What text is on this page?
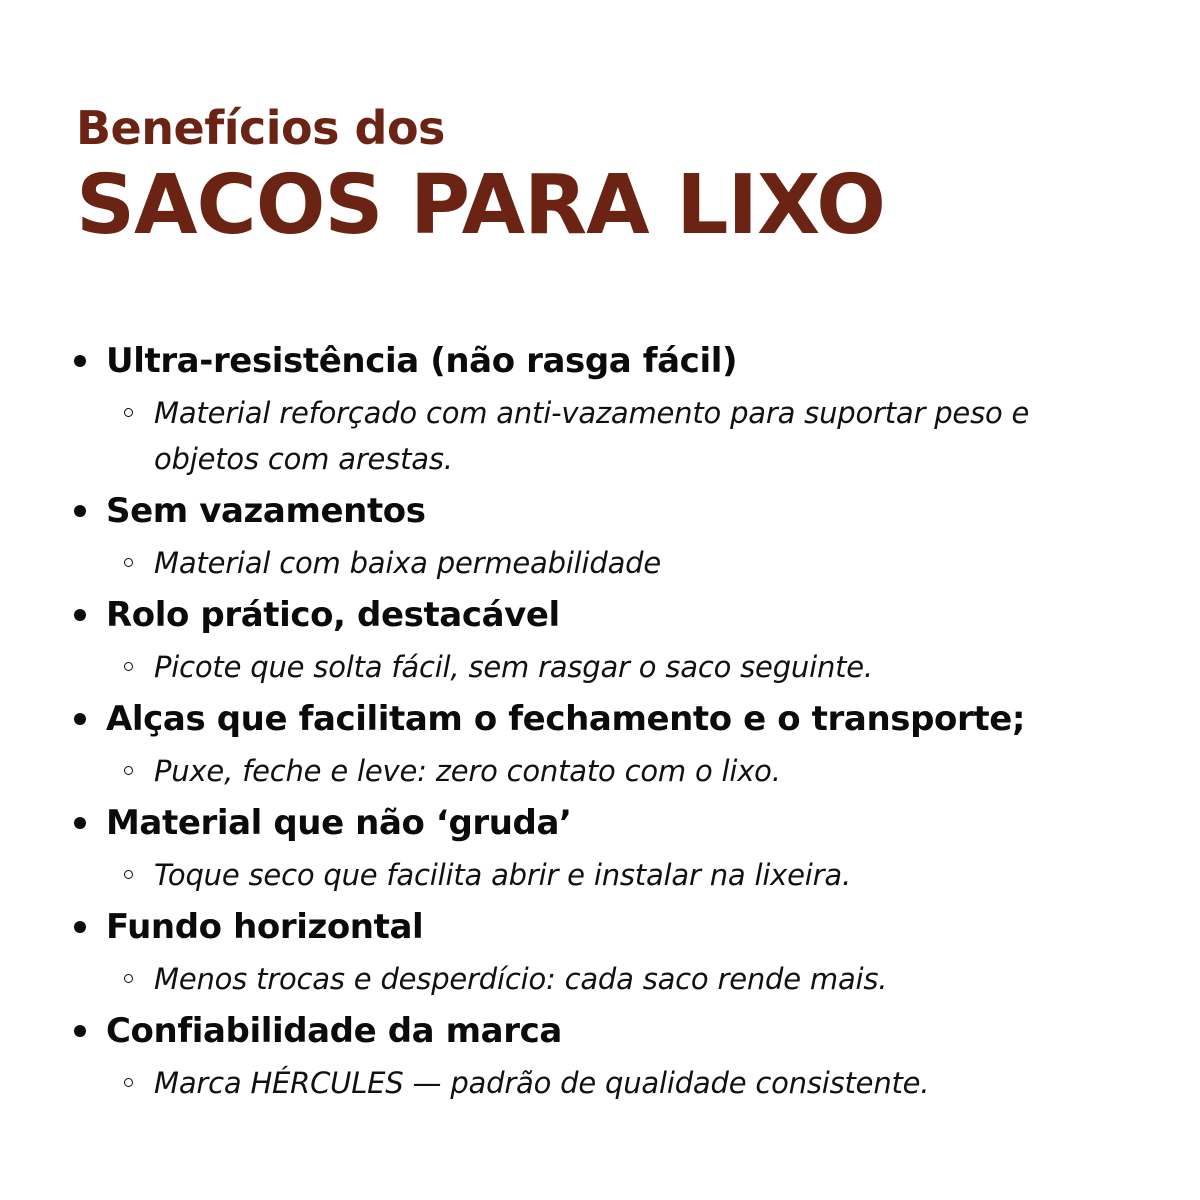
Benefícios dos
SACOS PARA LIXO
Ultra-resistência (não rasga fácil)
Material reforçado com anti-vazamento para suportar peso e objetos com arestas.
Sem vazamentos
Material com baixa permeabilidade
Rolo prático, destacável
Picote que solta fácil, sem rasgar o saco seguinte.
Alças que facilitam o fechamento e o transporte;
Puxe, feche e leve: zero contato com o lixo.
Material que não ‘gruda’
Toque seco que facilita abrir e instalar na lixeira.
Fundo horizontal
Menos trocas e desperdício: cada saco rende mais.
Confiabilidade da marca
Marca HÉRCULES — padrão de qualidade consistente.
